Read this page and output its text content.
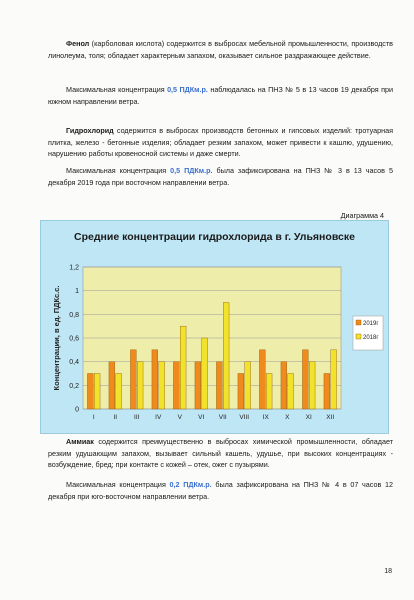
Фенол (карболовая кислота) содержится в выбросах мебельной промышленности, производств линолеума, толя; обладает характерным запахом, оказывает сильное раздражающее действие.
Максимальная концентрация 0,5 ПДКм.р. наблюдалась на ПНЗ № 5 в 13 часов 19 декабря при южном направлении ветра.
Гидрохлорид содержится в выбросах производств бетонных и гипсовых изделий: тротуарная плитка, железо - бетонные изделия; обладает резким запахом, может привести к кашлю, удушению, нарушению работы кровеносной системы и даже смерти.
Максимальная концентрация 0,5 ПДКм.р. была зафиксирована на ПНЗ № 3 в 13 часов 5 декабря 2019 года при восточном направлении ветра.
Диаграмма 4
Средние концентрации гидрохлорида в г. Ульяновске
0
0,2
0,4
0,6
0,8
1
1,2
I	II	III IV	V	VI VII VIII IX	X	XI XII
Концентрации, в ед. ПДКс.с.	2019г
2018г
Аммиак содержится преимущественно в выбросах химической промышленности, обладает резким удушающим запахом, вызывает сильный кашель, удушье, при высоких концентрациях - возбуждение, бред; при контакте с кожей – отек, ожег с пузырями.
Максимальная концентрация 0,2 ПДКм.р. была зафиксирована на ПНЗ № 4 в 07 часов 12 декабря при юго-восточном направлении ветра.
18
